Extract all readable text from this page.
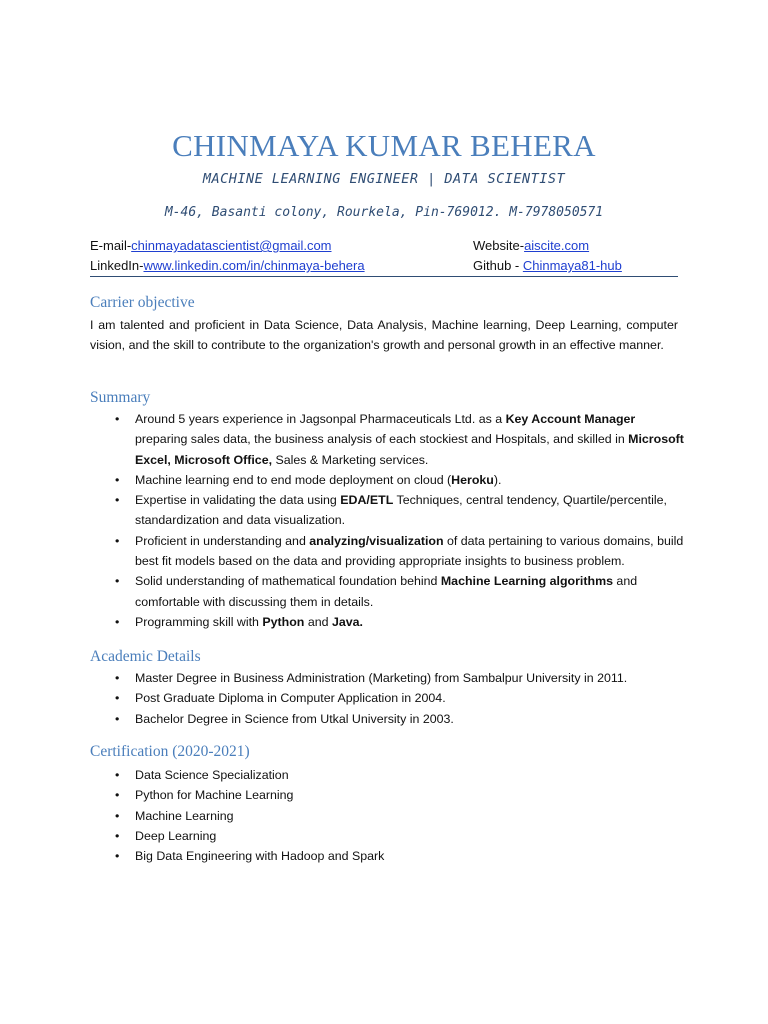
CHINMAYA KUMAR BEHERA
MACHINE LEARNING ENGINEER | DATA SCIENTIST
M-46, Basanti colony, Rourkela, Pin-769012. M-7978050571
E-mail-chinmayadatascientist@gmail.com	Website-aiscite.com
LinkedIn-www.linkedin.com/in/chinmaya-behera	Github - Chinmaya81-hub
Carrier objective
I am talented and proficient in Data Science, Data Analysis, Machine learning, Deep Learning, computer vision, and the skill to contribute to the organization's growth and personal growth in an effective manner.
Summary
• Around 5 years experience in Jagsonpal Pharmaceuticals Ltd. as a Key Account Manager preparing sales data, the business analysis of each stockiest and Hospitals, and skilled in Microsoft Excel, Microsoft Office, Sales & Marketing services.
• Machine learning end to end mode deployment on cloud (Heroku).
• Expertise in validating the data using EDA/ETL Techniques, central tendency, Quartile/percentile, standardization and data visualization.
• Proficient in understanding and analyzing/visualization of data pertaining to various domains, build best fit models based on the data and providing appropriate insights to business problem.
• Solid understanding of mathematical foundation behind Machine Learning algorithms and comfortable with discussing them in details.
• Programming skill with Python and Java.
Academic Details
• Master Degree in Business Administration (Marketing) from Sambalpur University in 2011.
• Post Graduate Diploma in Computer Application in 2004.
• Bachelor Degree in Science from Utkal University in 2003.
Certification (2020-2021)
• Data Science Specialization
• Python for Machine Learning
• Machine Learning
• Deep Learning
• Big Data Engineering with Hadoop and Spark
